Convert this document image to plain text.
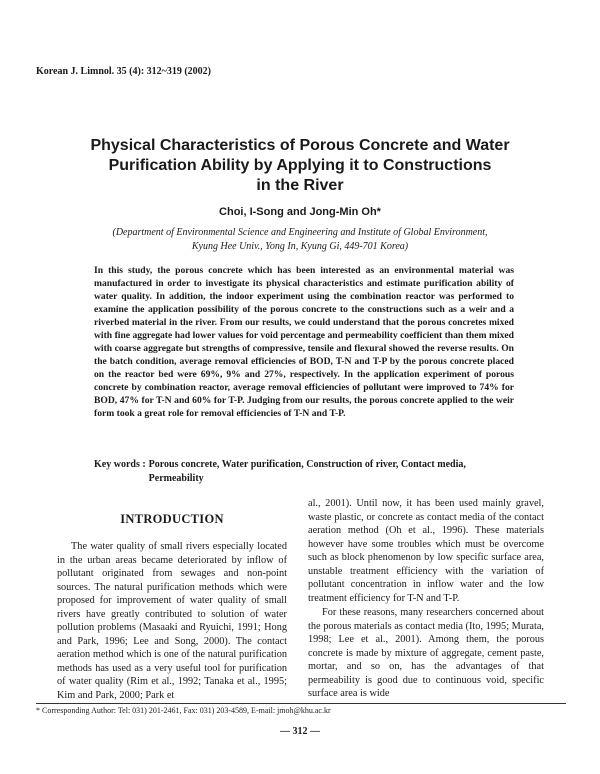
Korean J. Limnol. 35 (4): 312~319 (2002)
Physical Characteristics of Porous Concrete and Water
Purification Ability by Applying it to Constructions
in the River
Choi, I-Song and Jong-Min Oh*
(Department of Environmental Science and Engineering and Institute of Global Environment,
Kyung Hee Univ., Yong In, Kyung Gi, 449-701 Korea)
In this study, the porous concrete which has been interested as an environmental material was manufactured in order to investigate its physical characteristics and estimate purification ability of water quality. In addition, the indoor experiment using the combination reactor was performed to examine the application possibility of the porous concrete to the constructions such as a weir and a riverbed material in the river. From our results, we could understand that the porous concretes mixed with fine aggregate had lower values for void percentage and permeability coefficient than them mixed with coarse aggregate but strengths of compressive, tensile and flexural showed the reverse results. On the batch condition, average removal efficiencies of BOD, T-N and T-P by the porous concrete placed on the reactor bed were 69%, 9% and 27%, respectively. In the application experiment of porous concrete by combination reactor, average removal efficiencies of pollutant were improved to 74% for BOD, 47% for T-N and 60% for T-P. Judging from our results, the porous concrete applied to the weir form took a great role for removal efficiencies of T-N and T-P.
Key words : Porous concrete, Water purification, Construction of river, Contact media, Permeability
INTRODUCTION

The water quality of small rivers especially located in the urban areas became deteriorated by inflow of pollutant originated from sewages and non-point sources. The natural purification methods which were proposed for improvement of water quality of small rivers have greatly contributed to solution of water pollution problems (Masaaki and Ryuichi, 1991; Hong and Park, 1996; Lee and Song, 2000). The contact aeration method which is one of the natural purification methods has used as a very useful tool for purification of water quality (Rim et al., 1992; Tanaka et al., 1995; Kim and Park, 2000; Park et

al., 2001). Until now, it has been used mainly gravel, waste plastic, or concrete as contact media of the contact aeration method (Oh et al., 1996). These materials however have some troubles which must be overcome such as block phenomenon by low specific surface area, unstable treatment efficiency with the variation of pollutant concentration in inflow water and the low treatment efficiency for T-N and T-P.

For these reasons, many researchers concerned about the porous materials as contact media (Ito, 1995; Murata, 1998; Lee et al., 2001). Among them, the porous concrete is made by mixture of aggregate, cement paste, mortar, and so on, has the advantages of that permeability is good due to continuous void, specific surface area is wide

* Corresponding Author: Tel: 031) 201-2461, Fax: 031) 203-4589, E-mail: jmoh@khu.ac.kr
— 312 —
